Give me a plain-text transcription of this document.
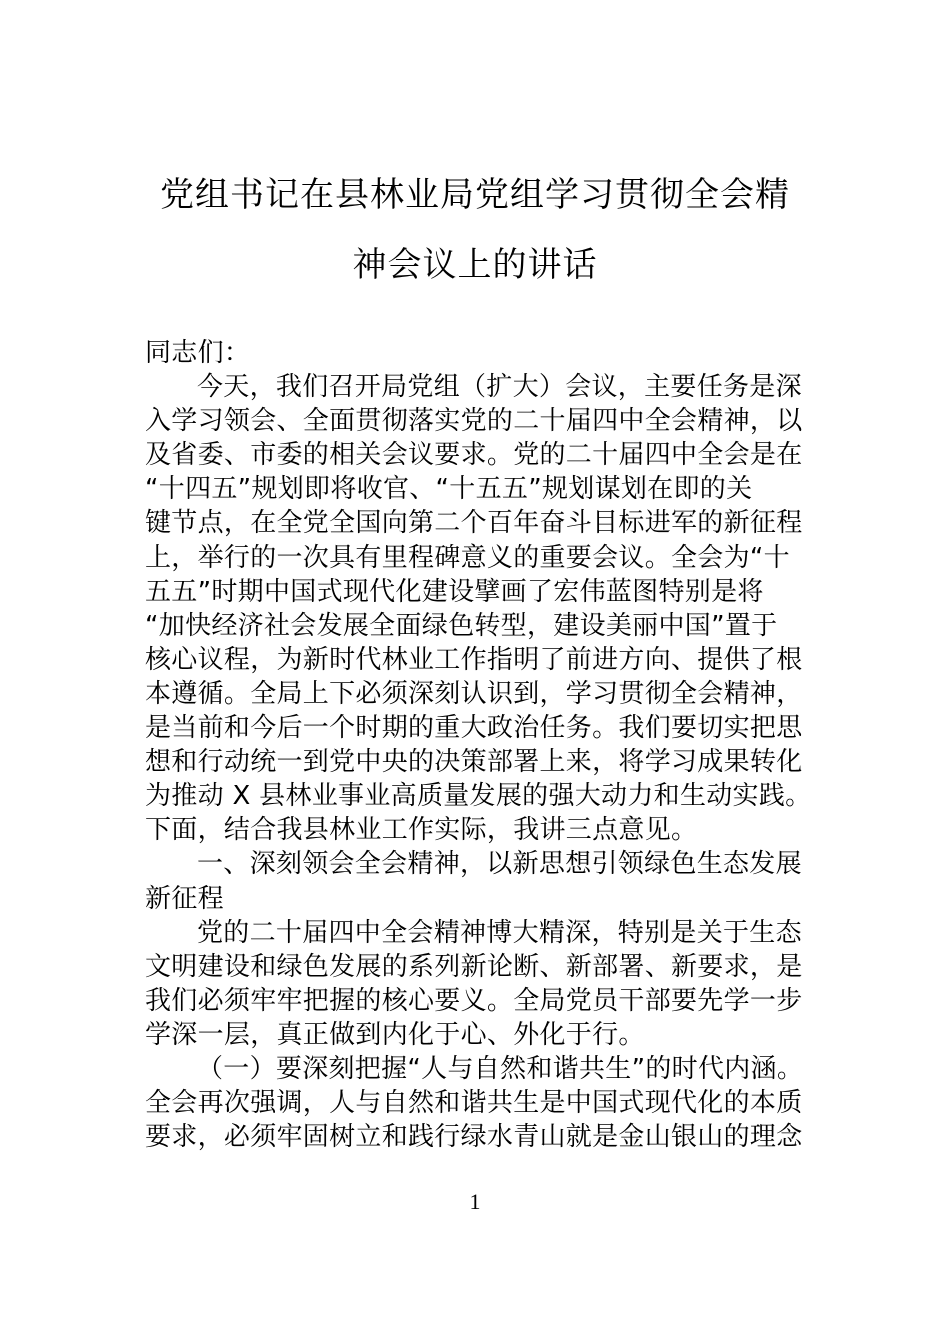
党组书记在县林业局党组学习贯彻全会精
神会议上的讲话
同志们：
今天，我们召开局党组（扩大）会议，主要任务是深
入学习领会、全面贯彻落实党的二十届四中全会精神，以
及省委、市委的相关会议要求。党的二十届四中全会是在
“十四五”规划即将收官、“十五五”规划谋划在即的关
键节点，在全党全国向第二个百年奋斗目标进军的新征程
上，举行的一次具有里程碑意义的重要会议。全会为“十
五五”时期中国式现代化建设擘画了宏伟蓝图特别是将
“加快经济社会发展全面绿色转型，建设美丽中国”置于
核心议程，为新时代林业工作指明了前进方向、提供了根
本遵循。全局上下必须深刻认识到，学习贯彻全会精神，
是当前和今后一个时期的重大政治任务。我们要切实把思
想和行动统一到党中央的决策部署上来，将学习成果转化
为推动 X 县林业事业高质量发展的强大动力和生动实践。
下面，结合我县林业工作实际，我讲三点意见。
一、深刻领会全会精神，以新思想引领绿色生态发展
新征程
党的二十届四中全会精神博大精深，特别是关于生态
文明建设和绿色发展的系列新论断、新部署、新要求，是
我们必须牢牢把握的核心要义。全局党员干部要先学一步
学深一层，真正做到内化于心、外化于行。
（一）要深刻把握“人与自然和谐共生”的时代内涵。
全会再次强调，人与自然和谐共生是中国式现代化的本质
要求，必须牢固树立和践行绿水青山就是金山银山的理念
1
